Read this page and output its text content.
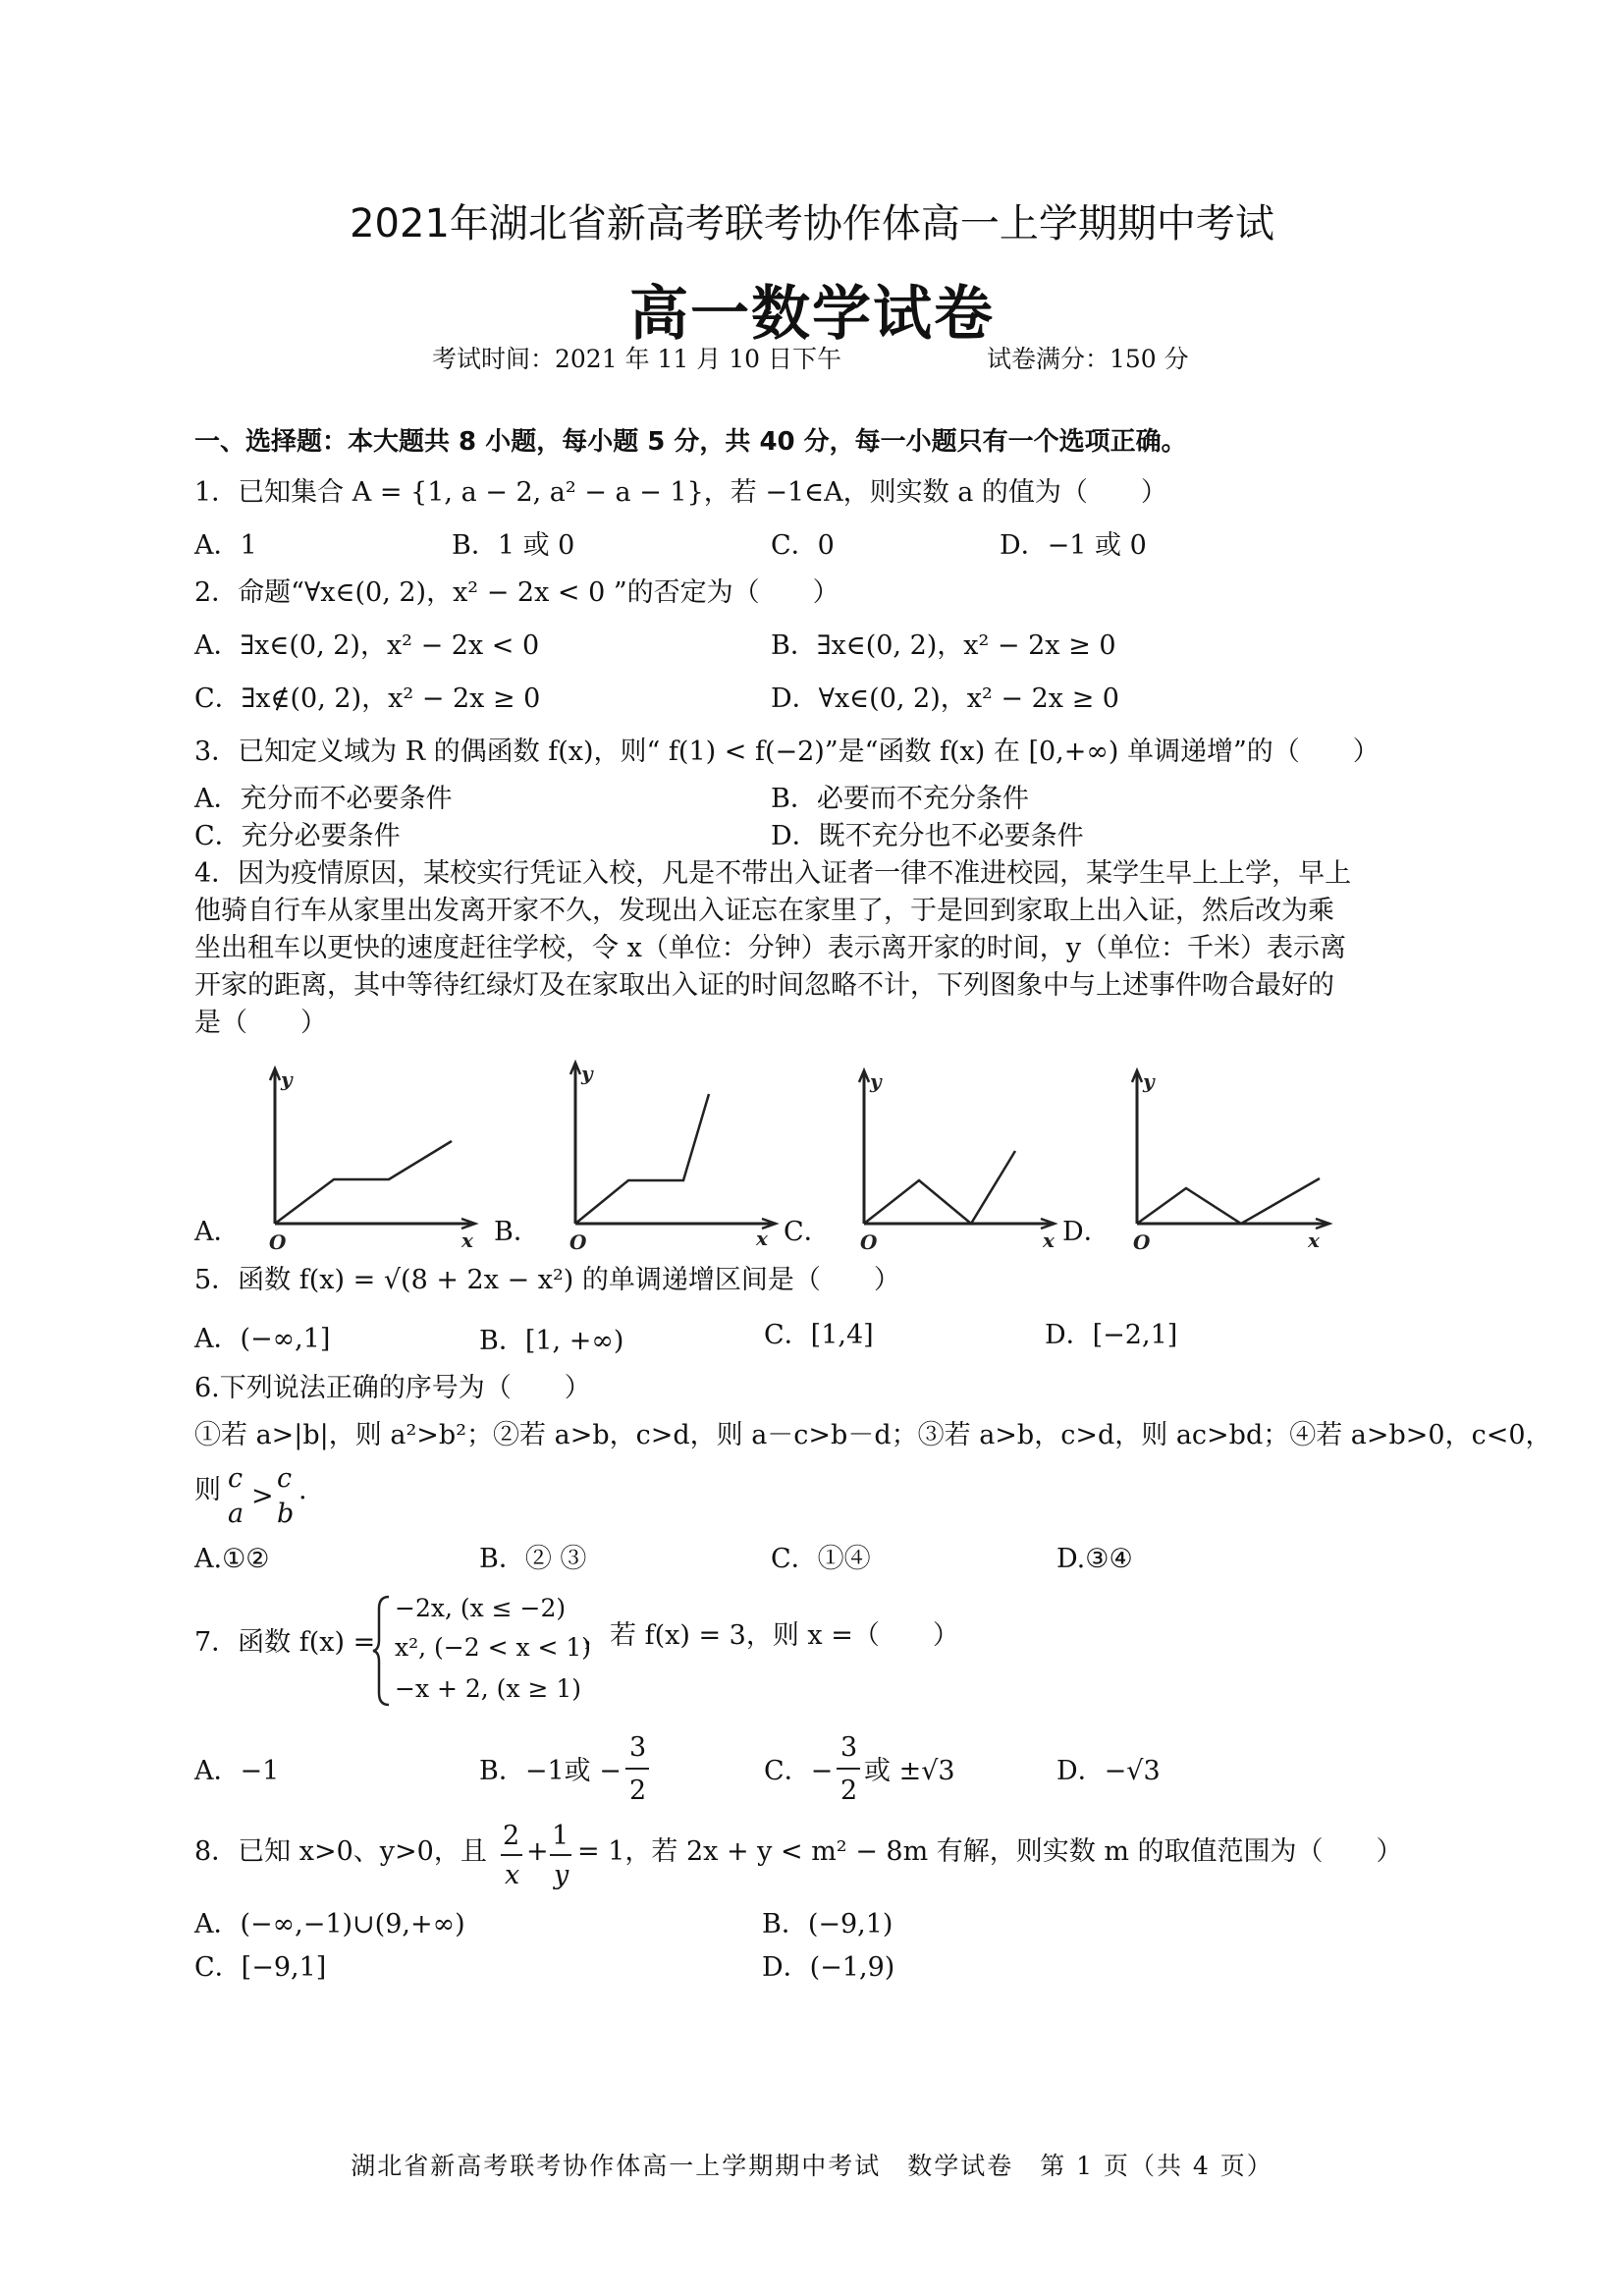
2021年湖北省新高考联考协作体高一上学期期中考试
高一数学试卷
考试时间：2021 年 11 月 10 日下午	试卷满分：150 分
一、选择题：本大题共 8 小题，每小题 5 分，共 40 分，每一小题只有一个选项正确。
1．已知集合 A = {1, a − 2, a² − a − 1}，若 −1∈A，则实数 a 的值为（　　）
A．1	B．1 或 0	C．0	D．−1 或 0
2．命题“∀x∈(0, 2)，x² − 2x < 0 ”的否定为（　　）
A．∃x∈(0, 2)，x² − 2x < 0	B．∃x∈(0, 2)，x² − 2x ≥ 0
C．∃x∉(0, 2)，x² − 2x ≥ 0	D．∀x∈(0, 2)，x² − 2x ≥ 0
3．已知定义域为 R 的偶函数 f(x)，则“ f(1) < f(−2)”是“函数 f(x) 在 [0,+∞) 单调递增”的（　　）
A．充分而不必要条件	B．必要而不充分条件
C．充分必要条件	D．既不充分也不必要条件
4．因为疫情原因，某校实行凭证入校，凡是不带出入证者一律不准进校园，某学生早上上学，早上
他骑自行车从家里出发离开家不久，发现出入证忘在家里了，于是回到家取上出入证，然后改为乘
坐出租车以更快的速度赶往学校，令 x（单位：分钟）表示离开家的时间，y（单位：千米）表示离
开家的距离，其中等待红绿灯及在家取出入证的时间忽略不计，下列图象中与上述事件吻合最好的
是（　　）
A．
y
O	x B．
y
O	x C．
y
O	x D．
y
O	x
5．函数 f(x) = √(8 + 2x − x²) 的单调递增区间是（　　）
A．(−∞,1]	B．[1, +∞)	C．[1,4]	D．[−2,1]
6.下列说法正确的序号为（　　）
①若 a>|b|，则 a²>b²；②若 a>b，c>d，则 a－c>b－d；③若 a>b，c>d，则 ac>bd；④若 a>b>0，c<0，
则 c
a
>
c
b
.
A.①②	B．② ③	C．①④	D.③④
7．函数 f(x) =
−2x, (x ≤ −2)
x², (−2 < x < 1)
−x + 2, (x ≥ 1)
，若 f(x) = 3，则 x =（　　）
A．−1	B．−1或 −
3
2
C．−
3
2
或 ±√3	D．−√3
8．已知 x>0、y>0，且
2
x
+
1
y
= 1，若 2x + y < m² − 8m 有解，则实数 m 的取值范围为（　　）
A．(−∞,−1)∪(9,+∞)	B．(−9,1)
C．[−9,1]	D．(−1,9)
湖北省新高考联考协作体高一上学期期中考试　数学试卷　第 1 页（共 4 页）
